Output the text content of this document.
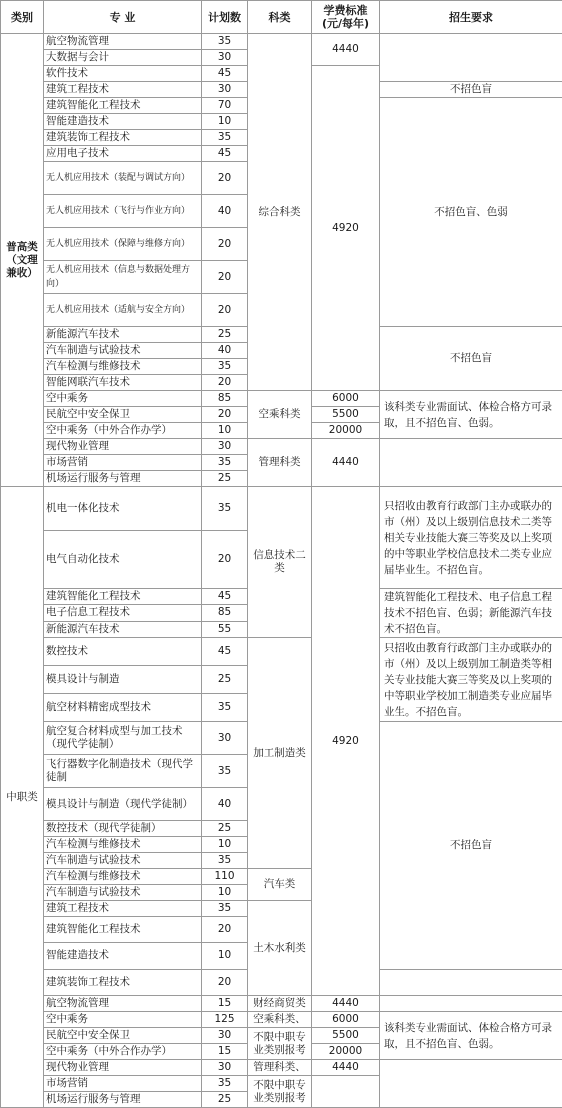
类别	专 业	计划数	科类	学费标准(元/每年)	招生要求	
普高类（文理兼收）	航空物流管理	35	综合科类	4440		
	大数据与会计	30				
	软件技术	45		4920		
	建筑工程技术	30			不招色盲	
	建筑智能化工程技术	70			不招色盲、色弱	
	智能建造技术	10				
	建筑装饰工程技术	35				
	应用电子技术	45				
	无人机应用技术（装配与调试方向）	20				
	无人机应用技术（飞行与作业方向）	40				
	无人机应用技术（保障与维修方向）	20				
	无人机应用技术（信息与数据处理方向）	20				
	无人机应用技术（适航与安全方向）	20				
	新能源汽车技术	25			不招色盲	
	汽车制造与试验技术	40				
	汽车检测与维修技术	35				
	智能网联汽车技术	20				
	空中乘务	85	空乘科类	6000	该科类专业需面试、体检合格方可录取，且不招色盲、色弱。	
	民航空中安全保卫	20		5500		
	空中乘务（中外合作办学）	10		20000		
	现代物业管理	30	管理科类	4440		
	市场营销	35				
	机场运行服务与管理	25				
中职类	机电一体化技术	35	信息技术二类	4920	只招收由教育行政部门主办或联办的市（州）及以上级别信息技术二类等相关专业技能大赛三等奖及以上奖项的中等职业学校信息技术二类专业应届毕业生。不招色盲。	
	电气自动化技术	20				
	建筑智能化工程技术	45			建筑智能化工程技术、电子信息工程技术不招色盲、色弱；新能源汽车技术不招色盲。	
	电子信息工程技术	85				
	新能源汽车技术	55				
	数控技术	45	加工制造类		只招收由教育行政部门主办或联办的市（州）及以上级别加工制造类等相关专业技能大赛三等奖及以上奖项的中等职业学校加工制造类专业应届毕业生。不招色盲。	
	模具设计与制造	25				
	航空材料精密成型技术	35				
	航空复合材料成型与加工技术（现代学徒制）	30			不招色盲	
	飞行器数字化制造技术（现代学徒制	35				
	模具设计与制造（现代学徒制）	40				
	数控技术（现代学徒制）	25				
	汽车检测与维修技术	10				
	汽车制造与试验技术	35				
	汽车检测与维修技术	110	汽车类			
	汽车制造与试验技术	10				
	建筑工程技术	35	土木水利类			
	建筑智能化工程技术	20	
	智能建造技术	10				
	建筑装饰工程技术	20				
	航空物流管理	15	财经商贸类	4440		
	空中乘务	125	空乘科类、	6000	该科类专业需面试、体检合格方可录取，且不招色盲、色弱。	
	民航空中安全保卫	30	不限中职专业类别报考	5500		
	空中乘务（中外合作办学）	15		20000		
	现代物业管理	30	管理科类、	4440		
	市场营销	35	不限中职专业类别报考			
	机场运行服务与管理	25				
